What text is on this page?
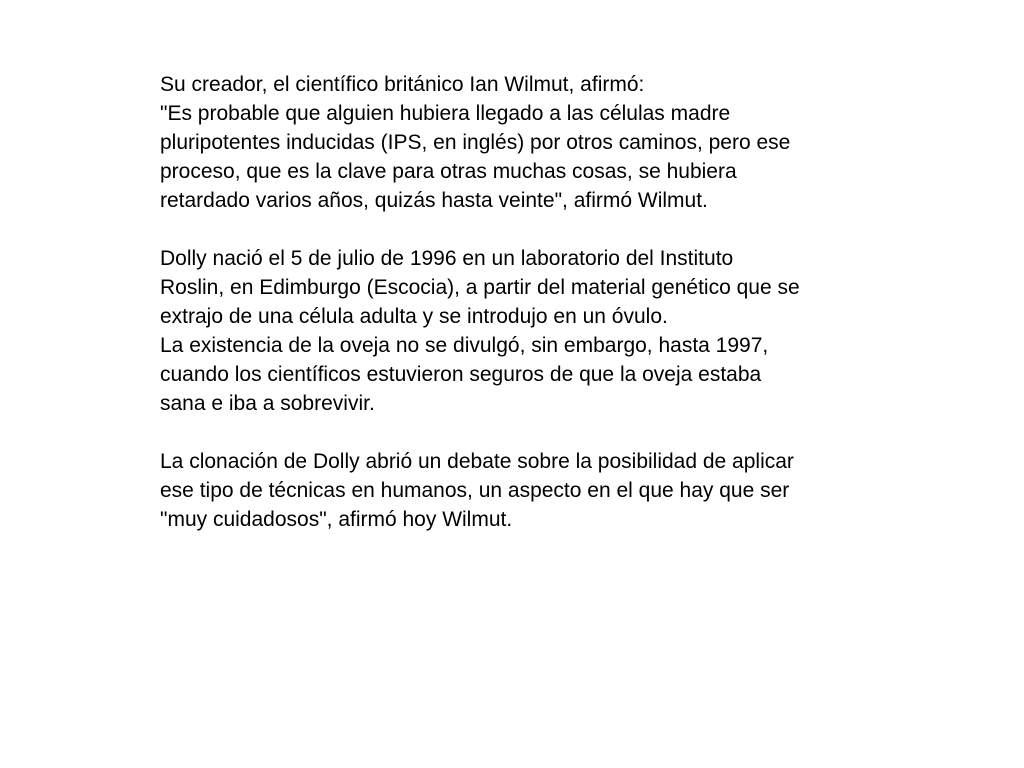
Su creador, el científico británico Ian Wilmut, afirmó:
"Es probable que alguien hubiera llegado a las células madre
pluripotentes inducidas (IPS, en inglés) por otros caminos, pero ese
proceso, que es la clave para otras muchas cosas, se hubiera
retardado varios años, quizás hasta veinte", afirmó Wilmut.
Dolly nació el 5 de julio de 1996 en un laboratorio del Instituto
Roslin, en Edimburgo (Escocia), a partir del material genético que se
extrajo de una célula adulta y se introdujo en un óvulo.
La existencia de la oveja no se divulgó, sin embargo, hasta 1997,
cuando los científicos estuvieron seguros de que la oveja estaba
sana e iba a sobrevivir.
La clonación de Dolly abrió un debate sobre la posibilidad de aplicar
ese tipo de técnicas en humanos, un aspecto en el que hay que ser
"muy cuidadosos", afirmó hoy Wilmut.
